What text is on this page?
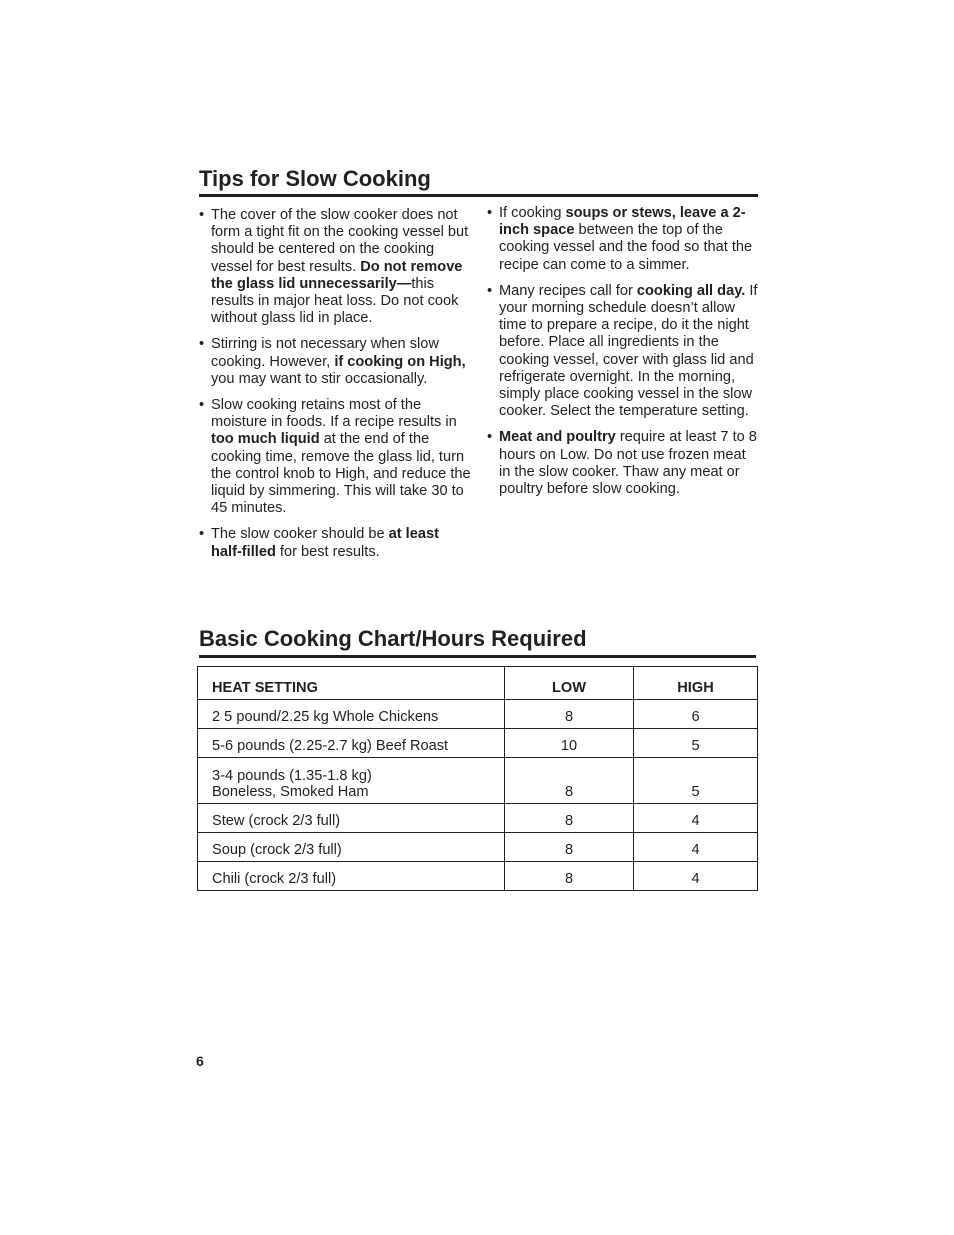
Tips for Slow Cooking
• The cover of the slow cooker does not form a tight fit on the cooking vessel but should be centered on the cooking vessel for best results. Do not remove the glass lid unnecessarily—this results in major heat loss. Do not cook without glass lid in place.
• Stirring is not necessary when slow cooking. However, if cooking on High, you may want to stir occasionally.
• Slow cooking retains most of the moisture in foods. If a recipe results in too much liquid at the end of the cooking time, remove the glass lid, turn the control knob to High, and reduce the liquid by simmering. This will take 30 to 45 minutes.
• The slow cooker should be at least half-filled for best results.
• If cooking soups or stews, leave a 2-inch space between the top of the cooking vessel and the food so that the recipe can come to a simmer.
• Many recipes call for cooking all day. If your morning schedule doesn’t allow time to prepare a recipe, do it the night before. Place all ingredients in the cooking vessel, cover with glass lid and refrigerate overnight. In the morning, simply place cooking vessel in the slow cooker. Select the temperature setting.
• Meat and poultry require at least 7 to 8 hours on Low. Do not use frozen meat in the slow cooker. Thaw any meat or poultry before slow cooking.
Basic Cooking Chart/Hours Required
HEAT SETTING	LOW	HIGH
2 5 pound/2.25 kg Whole Chickens	8	6
5-6 pounds (2.25-2.7 kg) Beef Roast	10	5
3-4 pounds (1.35-1.8 kg)
Boneless, Smoked Ham	8	5
Stew (crock 2/3 full)	8	4
Soup (crock 2/3 full)	8	4
Chili (crock 2/3 full)	8	4
6
